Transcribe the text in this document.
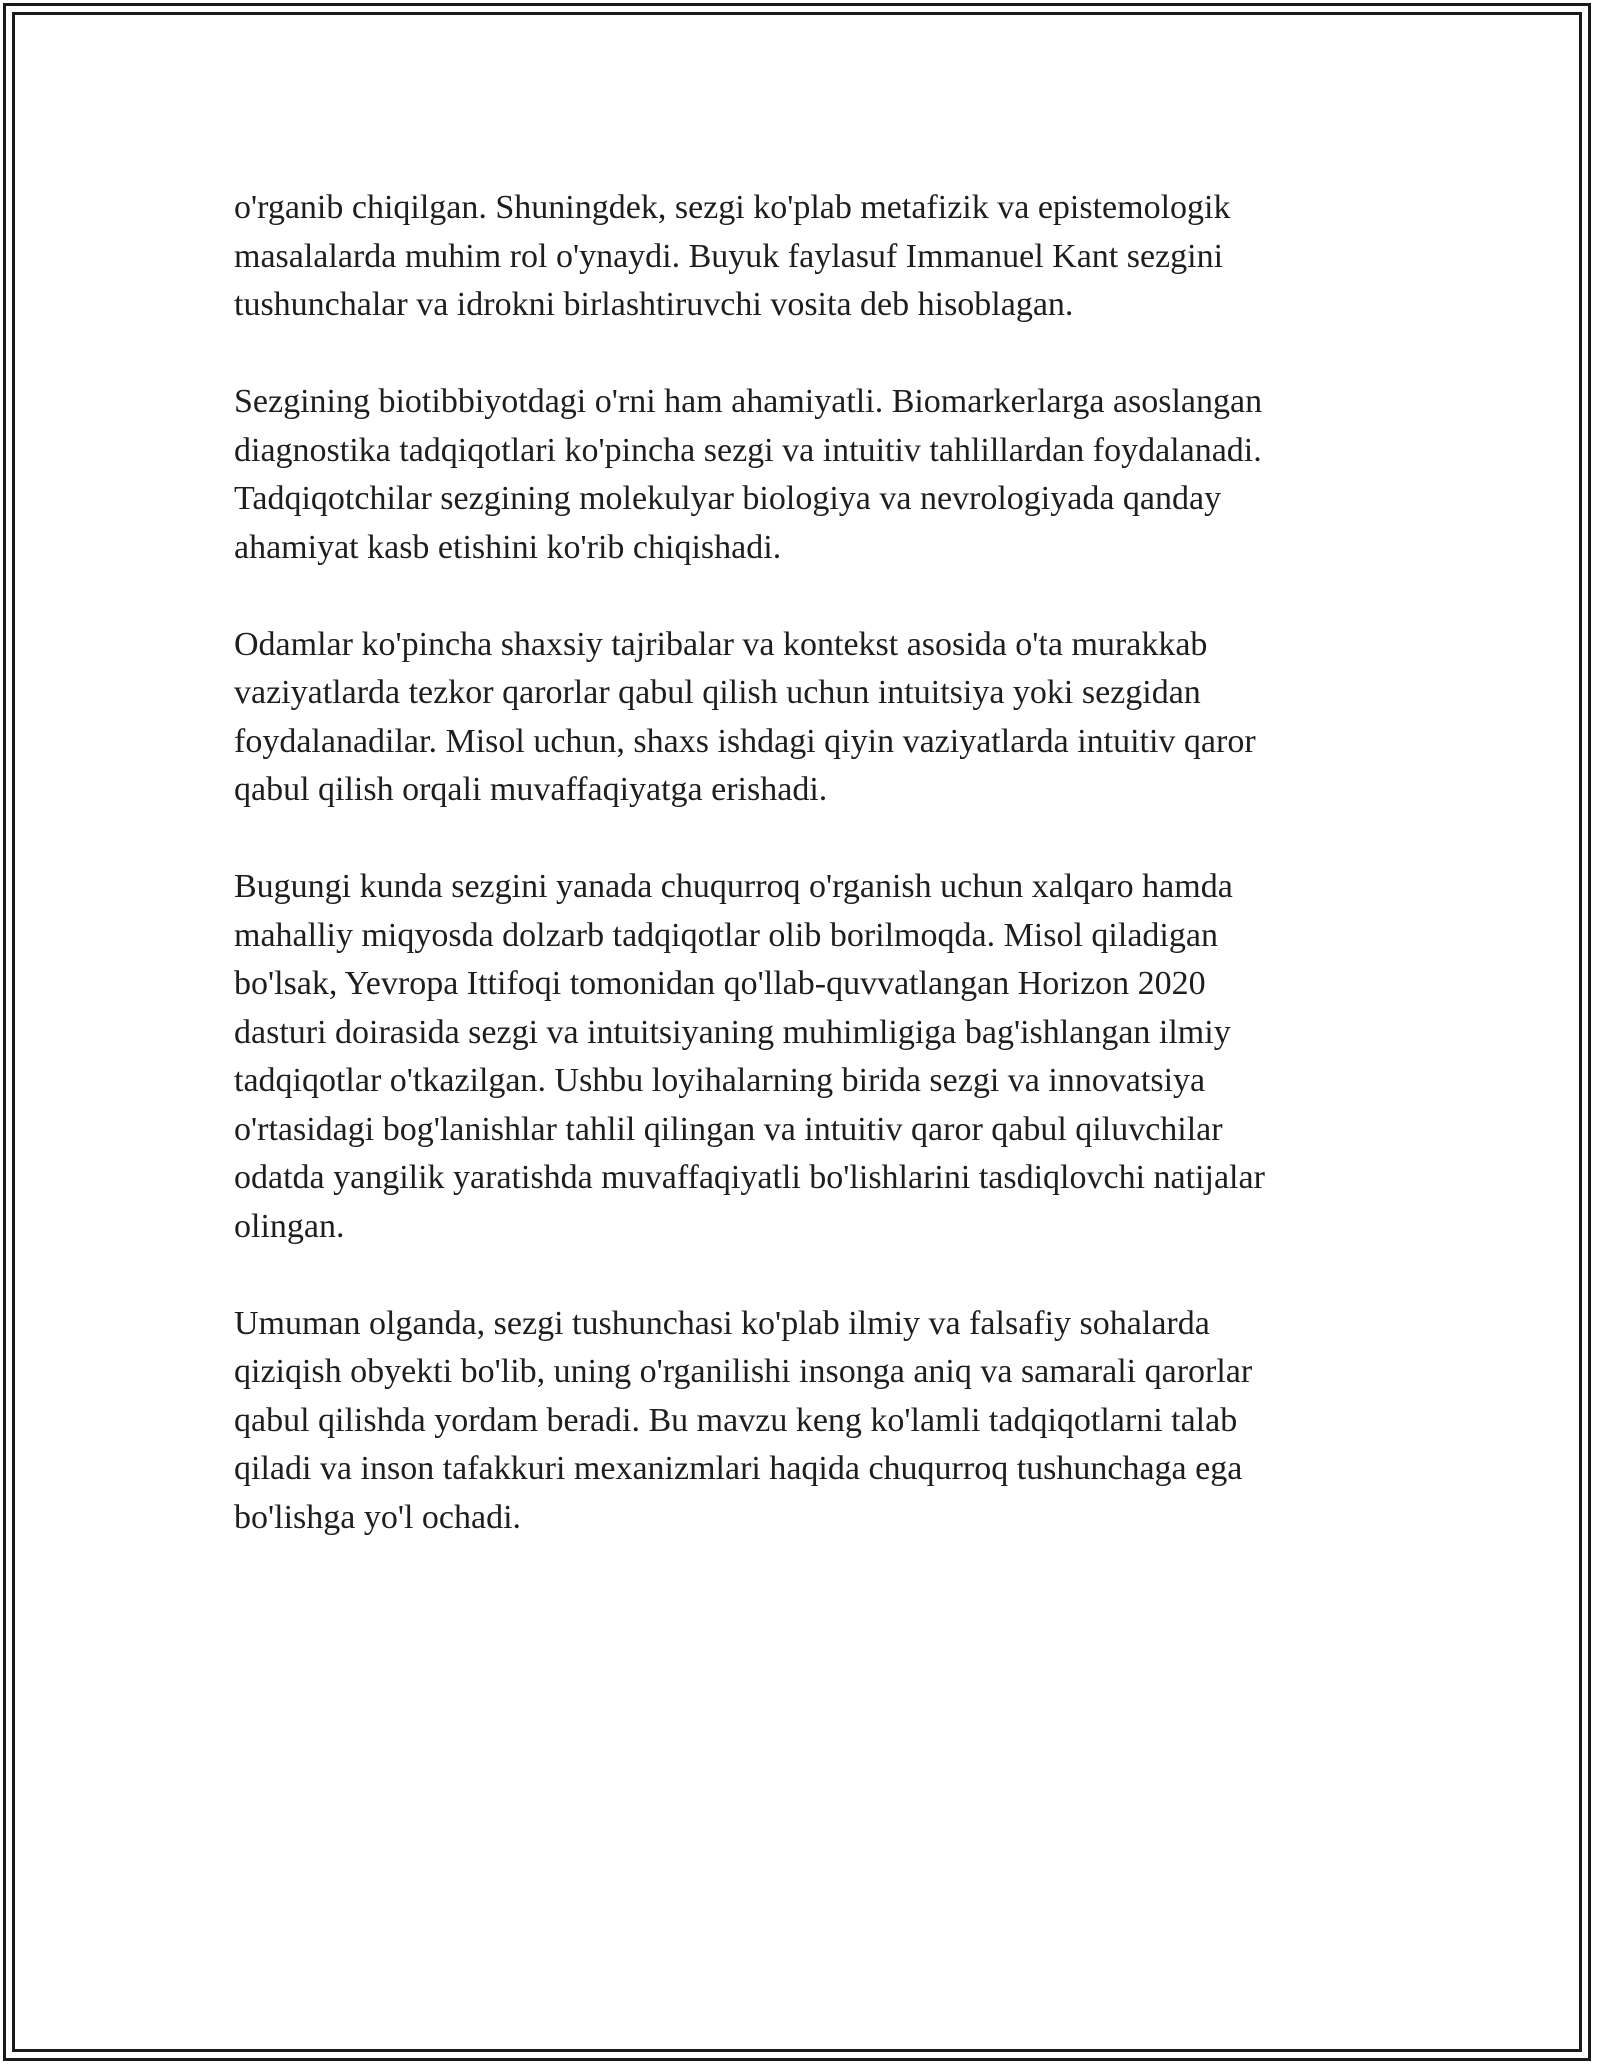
o'rganib chiqilgan. Shuningdek, sezgi ko'plab metafizik va epistemologik
masalalarda muhim rol o'ynaydi. Buyuk faylasuf Immanuel Kant sezgini
tushunchalar va idrokni birlashtiruvchi vosita deb hisoblagan.

Sezgining biotibbiyotdagi o'rni ham ahamiyatli. Biomarkerlarga asoslangan
diagnostika tadqiqotlari ko'pincha sezgi va intuitiv tahlillardan foydalanadi.
Tadqiqotchilar sezgining molekulyar biologiya va nevrologiyada qanday
ahamiyat kasb etishini ko'rib chiqishadi.

Odamlar ko'pincha shaxsiy tajribalar va kontekst asosida o'ta murakkab
vaziyatlarda tezkor qarorlar qabul qilish uchun intuitsiya yoki sezgidan
foydalanadilar. Misol uchun, shaxs ishdagi qiyin vaziyatlarda intuitiv qaror
qabul qilish orqali muvaffaqiyatga erishadi.

Bugungi kunda sezgini yanada chuqurroq o'rganish uchun xalqaro hamda
mahalliy miqyosda dolzarb tadqiqotlar olib borilmoqda. Misol qiladigan
bo'lsak, Yevropa Ittifoqi tomonidan qo'llab-quvvatlangan Horizon 2020
dasturi doirasida sezgi va intuitsiyaning muhimligiga bag'ishlangan ilmiy
tadqiqotlar o'tkazilgan. Ushbu loyihalarning birida sezgi va innovatsiya
o'rtasidagi bog'lanishlar tahlil qilingan va intuitiv qaror qabul qiluvchilar
odatda yangilik yaratishda muvaffaqiyatli bo'lishlarini tasdiqlovchi natijalar
olingan.

Umuman olganda, sezgi tushunchasi ko'plab ilmiy va falsafiy sohalarda
qiziqish obyekti bo'lib, uning o'rganilishi insonga aniq va samarali qarorlar
qabul qilishda yordam beradi. Bu mavzu keng ko'lamli tadqiqotlarni talab
qiladi va inson tafakkuri mexanizmlari haqida chuqurroq tushunchaga ega
bo'lishga yo'l ochadi.
